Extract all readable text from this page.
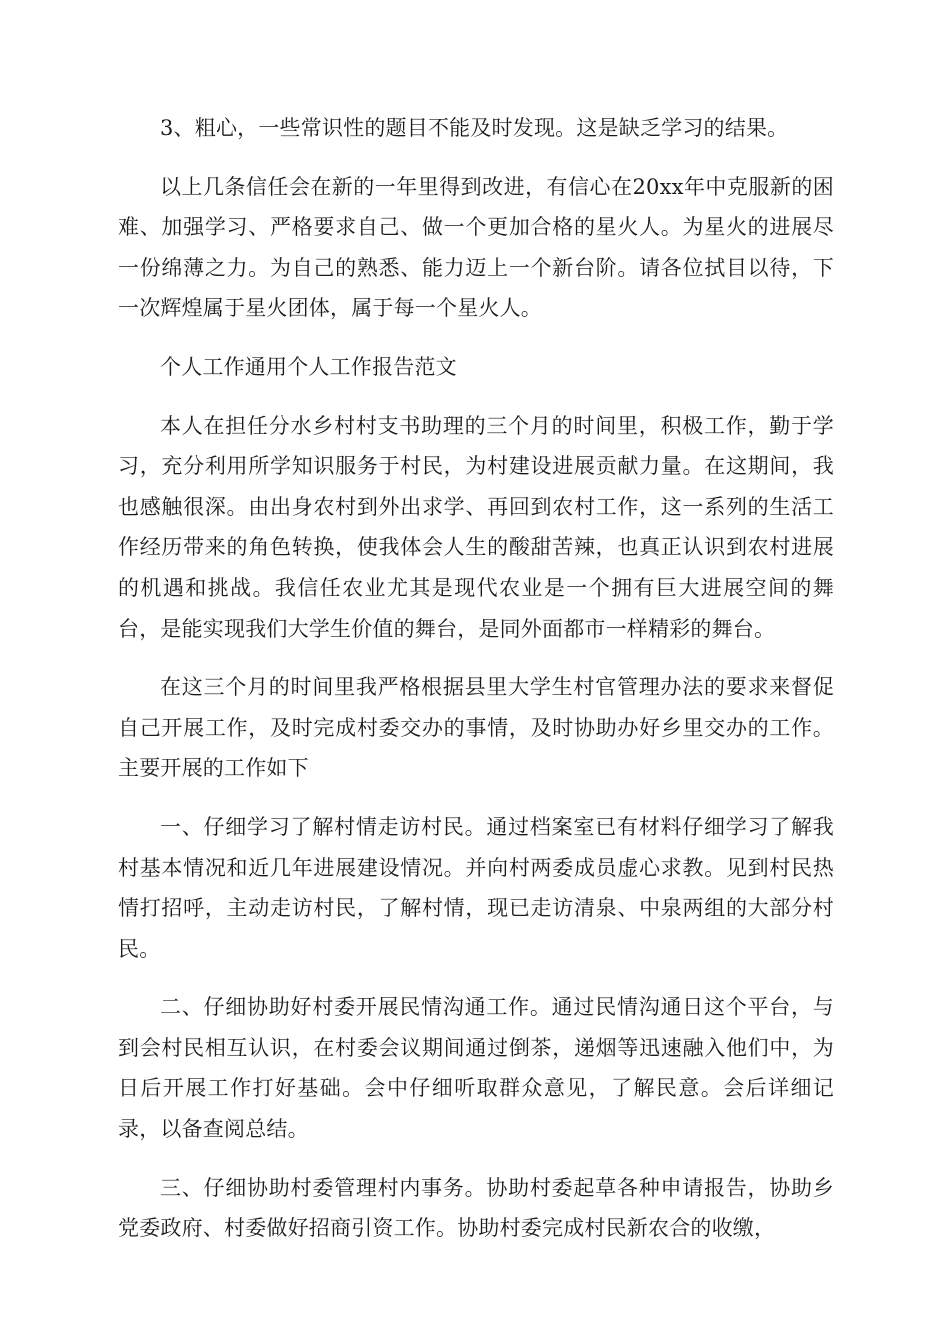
3、粗心，一些常识性的题目不能及时发现。这是缺乏学习的结果。

以上几条信任会在新的一年里得到改进，有信心在20xx年中克服新的困难、加强学习、严格要求自己、做一个更加合格的星火人。为星火的进展尽一份绵薄之力。为自己的熟悉、能力迈上一个新台阶。请各位拭目以待，下一次辉煌属于星火团体，属于每一个星火人。

个人工作通用个人工作报告范文

本人在担任分水乡村村支书助理的三个月的时间里，积极工作，勤于学习，充分利用所学知识服务于村民，为村建设进展贡献力量。在这期间，我也感触很深。由出身农村到外出求学、再回到农村工作，这一系列的生活工作经历带来的角色转换，使我体会人生的酸甜苦辣，也真正认识到农村进展的机遇和挑战。我信任农业尤其是现代农业是一个拥有巨大进展空间的舞台，是能实现我们大学生价值的舞台，是同外面都市一样精彩的舞台。

在这三个月的时间里我严格根据县里大学生村官管理办法的要求来督促自己开展工作，及时完成村委交办的事情，及时协助办好乡里交办的工作。主要开展的工作如下

一、仔细学习了解村情走访村民。通过档案室已有材料仔细学习了解我村基本情况和近几年进展建设情况。并向村两委成员虚心求教。见到村民热情打招呼，主动走访村民，了解村情，现已走访清泉、中泉两组的大部分村民。

二、仔细协助好村委开展民情沟通工作。通过民情沟通日这个平台，与到会村民相互认识，在村委会议期间通过倒茶，递烟等迅速融入他们中，为日后开展工作打好基础。会中仔细听取群众意见，了解民意。会后详细记录，以备查阅总结。

三、仔细协助村委管理村内事务。协助村委起草各种申请报告，协助乡党委政府、村委做好招商引资工作。协助村委完成村民新农合的收缴，
